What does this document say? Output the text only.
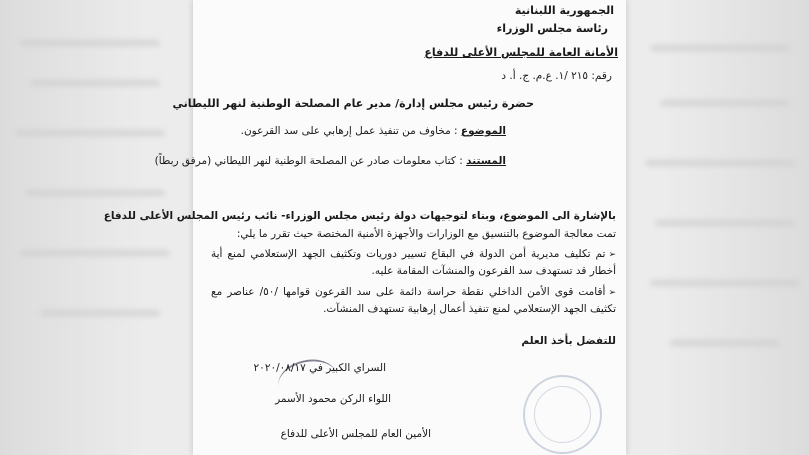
الجمهورية اللبنانية
رئاسة مجلس الوزراء
الأمانة العامة للمجلس الأعلى للدفاع
رقم: ٢١٥ /١. ع.م. ج. أ. د
حضرة رئيس مجلس إدارة/ مدير عام المصلحة الوطنية لنهر الليطاني
الموضوع : مخاوف من تنفيذ عمل إرهابي على سد القرعون.
المستند : كتاب معلومات صادر عن المصلحة الوطنية لنهر الليطاني (مرفق ربطاً)
بالإشارة الى الموضوع، وبناء لتوجيهات دولة رئيس مجلس الوزراء- نائب رئيس المجلس الأعلى للدفاع
تمت معالجة الموضوع بالتنسيق مع الوزارات والأجهزة الأمنية المختصة حيث تقرر ما يلي:
➢تم تكليف مديرية أمن الدولة في البقاع تسيير دوريات وتكثيف الجهد الإستعلامي لمنع أية أخطار قد تستهدف سد القرعون والمنشآت المقامة عليه.
➢أقامت قوى الأمن الداخلي نقطة حراسة دائمة على سد القرعون قوامها /٥٠/ عناصر مع تكثيف الجهد الإستعلامي لمنع تنفيذ أعمال إرهابية تستهدف المنشآت.
للتفضل بأخذ العلم
السراي الكبير في ٢٠٢٠/٠٨/١٧
اللواء الركن محمود الأسمر
الأمين العام للمجلس الأعلى للدفاع
